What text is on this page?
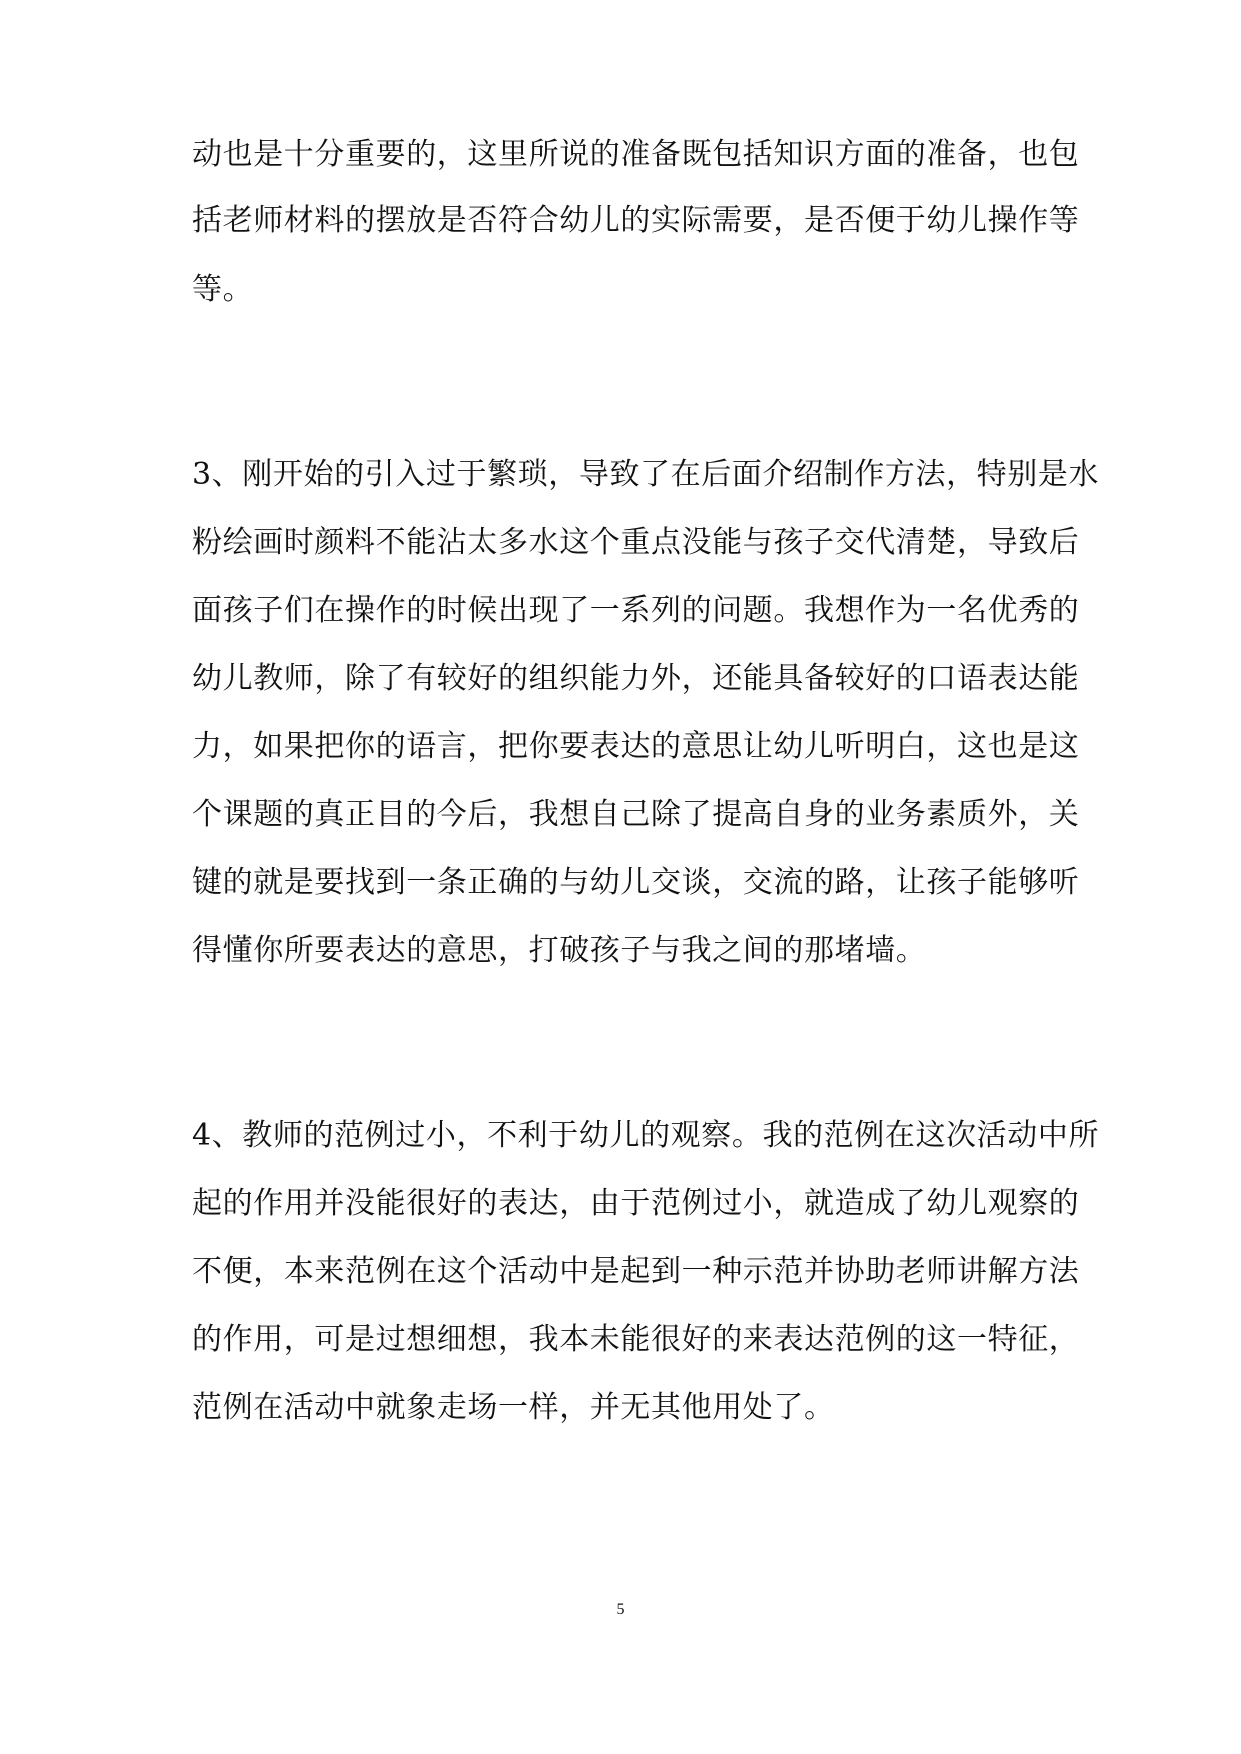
动也是十分重要的，这里所说的准备既包括知识方面的准备，也包
括老师材料的摆放是否符合幼儿的实际需要，是否便于幼儿操作等
等。
3、刚开始的引入过于繁琐，导致了在后面介绍制作方法，特别是水
粉绘画时颜料不能沾太多水这个重点没能与孩子交代清楚，导致后
面孩子们在操作的时候出现了一系列的问题。我想作为一名优秀的
幼儿教师，除了有较好的组织能力外，还能具备较好的口语表达能
力，如果把你的语言，把你要表达的意思让幼儿听明白，这也是这
个课题的真正目的今后，我想自己除了提高自身的业务素质外，关
键的就是要找到一条正确的与幼儿交谈，交流的路，让孩子能够听
得懂你所要表达的意思，打破孩子与我之间的那堵墙。
4、教师的范例过小，不利于幼儿的观察。我的范例在这次活动中所
起的作用并没能很好的表达，由于范例过小，就造成了幼儿观察的
不便，本来范例在这个活动中是起到一种示范并协助老师讲解方法
的作用，可是过想细想，我本未能很好的来表达范例的这一特征，
范例在活动中就象走场一样，并无其他用处了。
5
